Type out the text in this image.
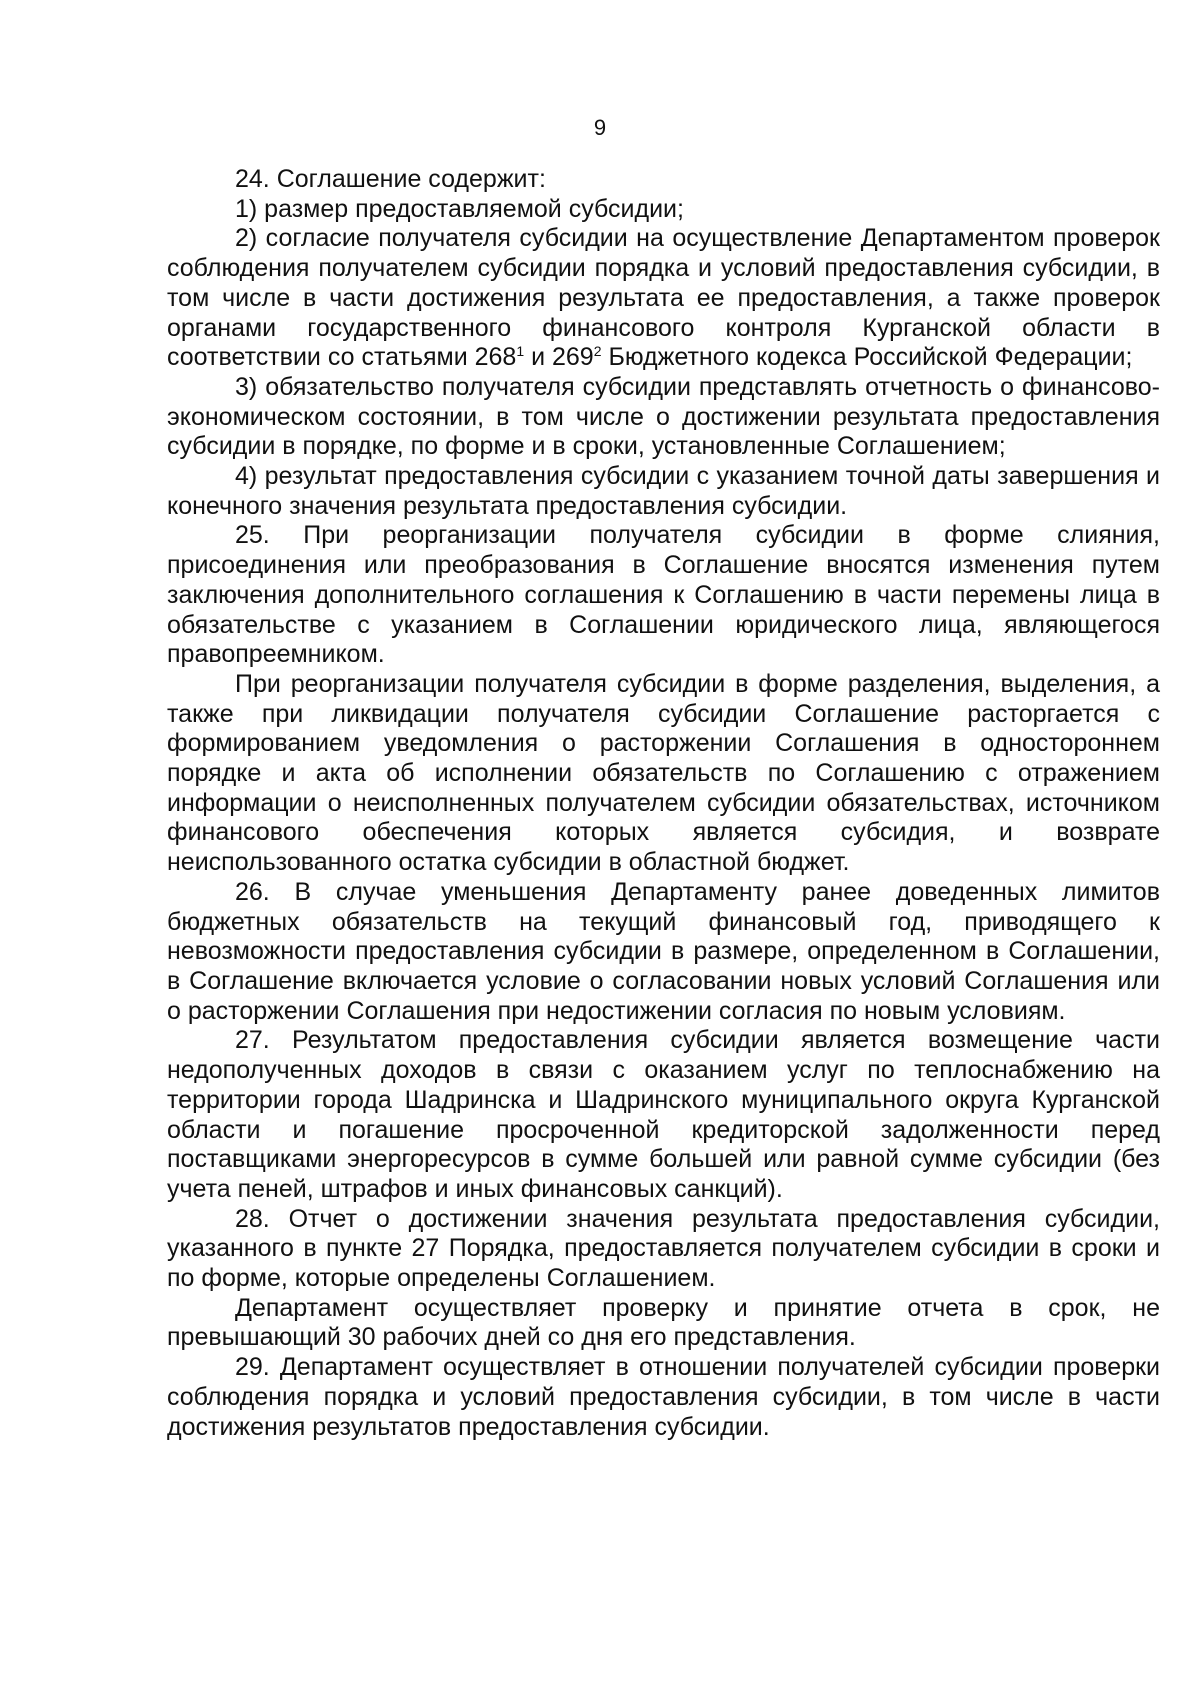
9

24. Соглашение содержит:

1) размер предоставляемой субсидии;

2) согласие получателя субсидии на осуществление Департаментом проверок соблюдения получателем субсидии порядка и условий предоставления субсидии, в том числе в части достижения результата ее предоставления, а также проверок органами государственного финансового контроля Курганской области в соответствии со статьями $268^1$ и $269^2$ Бюджетного кодекса Российской Федерации;

3) обязательство получателя субсидии представлять отчетность о финансово-экономическом состоянии, в том числе о достижении результата предоставления субсидии в порядке, по форме и в сроки, установленные Соглашением;

4) результат предоставления субсидии с указанием точной даты завершения и конечного значения результата предоставления субсидии.

25. При реорганизации получателя субсидии в форме слияния, присоединения или преобразования в Соглашение вносятся изменения путем заключения дополнительного соглашения к Соглашению в части перемены лица в обязательстве с указанием в Соглашении юридического лица, являющегося правопреемником.

При реорганизации получателя субсидии в форме разделения, выделения, а также при ликвидации получателя субсидии Соглашение расторгается с формированием уведомления о расторжении Соглашения в одностороннем порядке и акта об исполнении обязательств по Соглашению с отражением информации о неисполненных получателем субсидии обязательствах, источником финансового обеспечения которых является субсидия, и возврате неиспользованного остатка субсидии в областной бюджет.

26. В случае уменьшения Департаменту ранее доведенных лимитов бюджетных обязательств на текущий финансовый год, приводящего к невозможности предоставления субсидии в размере, определенном в Соглашении, в Соглашение включается условие о согласовании новых условий Соглашения или о расторжении Соглашения при недостижении согласия по новым условиям.

27. Результатом предоставления субсидии является возмещение части недополученных доходов в связи с оказанием услуг по теплоснабжению на территории города Шадринска и Шадринского муниципального округа Курганской области и погашение просроченной кредиторской задолженности перед поставщиками энергоресурсов в сумме большей или равной сумме субсидии (без учета пеней, штрафов и иных финансовых санкций).

28. Отчет о достижении значения результата предоставления субсидии, указанного в пункте 27 Порядка, предоставляется получателем субсидии в сроки и по форме, которые определены Соглашением.

Департамент осуществляет проверку и принятие отчета в срок, не превышающий 30 рабочих дней со дня его представления.

29. Департамент осуществляет в отношении получателей субсидии проверки соблюдения порядка и условий предоставления субсидии, в том числе в части достижения результатов предоставления субсидии.
